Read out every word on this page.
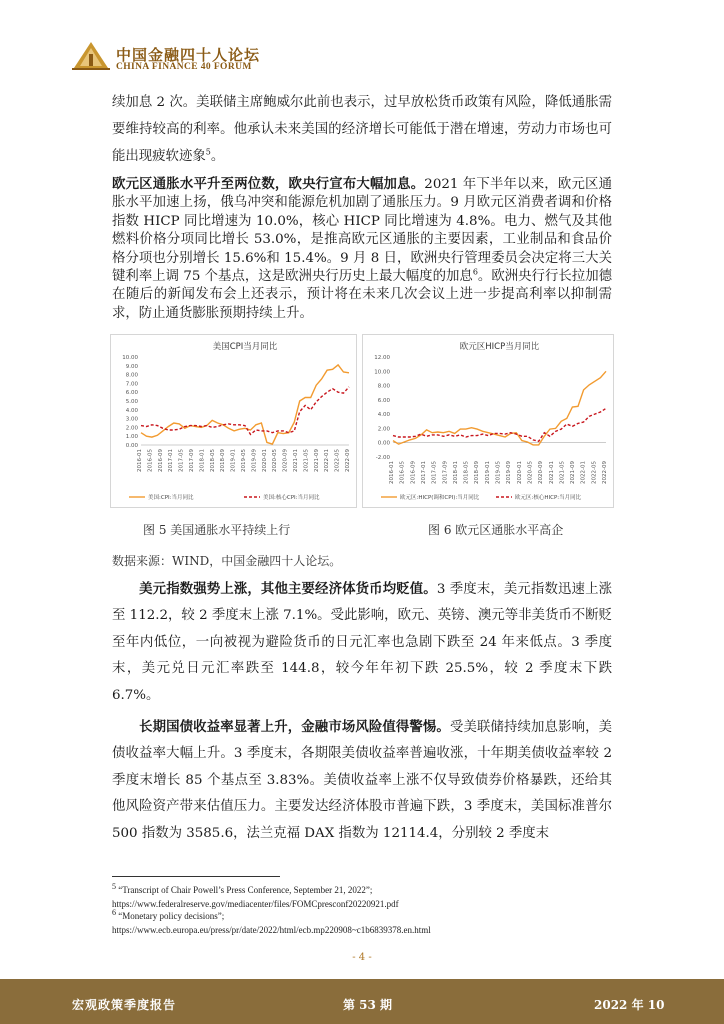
中国金融四十人论坛
CHINA FINANCE 40 FORUM

续加息 2 次。美联储主席鲍威尔此前也表示，过早放松货币政策有风险，降低通胀需要维持较高的利率。他承认未来美国的经济增长可能低于潜在增速，劳动力市场也可能出现疲软迹象$^5$。

欧元区通胀水平升至两位数，欧央行宣布大幅加息。2021 年下半年以来，欧元区通胀水平加速上扬，俄乌冲突和能源危机加剧了通胀压力。9 月欧元区消费者调和价格指数 HICP 同比增速为 10.0%，核心 HICP 同比增速为 4.8%。电力、燃气及其他燃料价格分项同比增长 53.0%，是推高欧元区通胀的主要因素，工业制品和食品价格分项也分别增长 15.6%和 15.4%。9 月 8 日，欧洲央行管理委员会决定将三大关键利率上调 75 个基点，这是欧洲央行历史上最大幅度的加息$^6$。欧洲央行行长拉加德在随后的新闻发布会上还表示，预计将在未来几次会议上进一步提高利率以抑制需求，防止通货膨胀预期持续上升。

美国CPI当月同比
10.00
9.00
8.00
7.00
6.00
5.00
4.00
3.00
2.00
1.00
0.00
2016-01 2016-05 2016-09 2017-01 2017-05 2017-09 2018-01 2018-05 2018-09 2019-01 2019-05 2019-09 2020-01 2020-05 2020-09 2021-01 2021-05 2021-09 2022-01 2022-05 2022-09
美国:CPI:当月同比	美国:核心CPI:当月同比
欧元区HICP当月同比
12.00
10.00
8.00
6.00
4.00
2.00
0.00
-2.00
2016-01 2016-05 2016-09 2017-01 2017-05 2017-09 2018-01 2018-05 2018-09 2019-01 2019-05 2019-09 2020-01 2020-05 2020-09 2021-01 2021-05 2021-09 2022-01 2022-05 2022-09
欧元区:HICP(调和CPI):当月同比	欧元区:核心HICP:当月同比
图 5 美国通胀水平持续上行	图 6 欧元区通胀水平高企
数据来源：WIND，中国金融四十人论坛。

美元指数强势上涨，其他主要经济体货币均贬值。3 季度末，美元指数迅速上涨至 112.2，较 2 季度末上涨 7.1%。受此影响，欧元、英镑、澳元等非美货币不断贬至年内低位，一向被视为避险货币的日元汇率也急剧下跌至 24 年来低点。3 季度末，美元兑日元汇率跌至 144.8，较今年年初下跌 25.5%，较 2 季度末下跌 6.7%。

长期国债收益率显著上升，金融市场风险值得警惕。受美联储持续加息影响，美债收益率大幅上升。3 季度末，各期限美债收益率普遍收涨，十年期美债收益率较 2 季度末增长 85 个基点至 3.83%。美债收益率上涨不仅导致债券价格暴跌，还给其他风险资产带来估值压力。主要发达经济体股市普遍下跌，3 季度末，美国标准普尔 500 指数为 3585.6，法兰克福 DAX 指数为 12114.4，分别较 2 季度末

$^5$ “Transcript of Chair Powell’s Press Conference, September 21, 2022”;
https://www.federalreserve.gov/mediacenter/files/FOMCpresconf20220921.pdf
$^6$ “Monetary policy decisions”;
https://www.ecb.europa.eu/press/pr/date/2022/html/ecb.mp220908~c1b6839378.en.html
- 4 -
宏观政策季度报告	第 53 期	2022 年 10
